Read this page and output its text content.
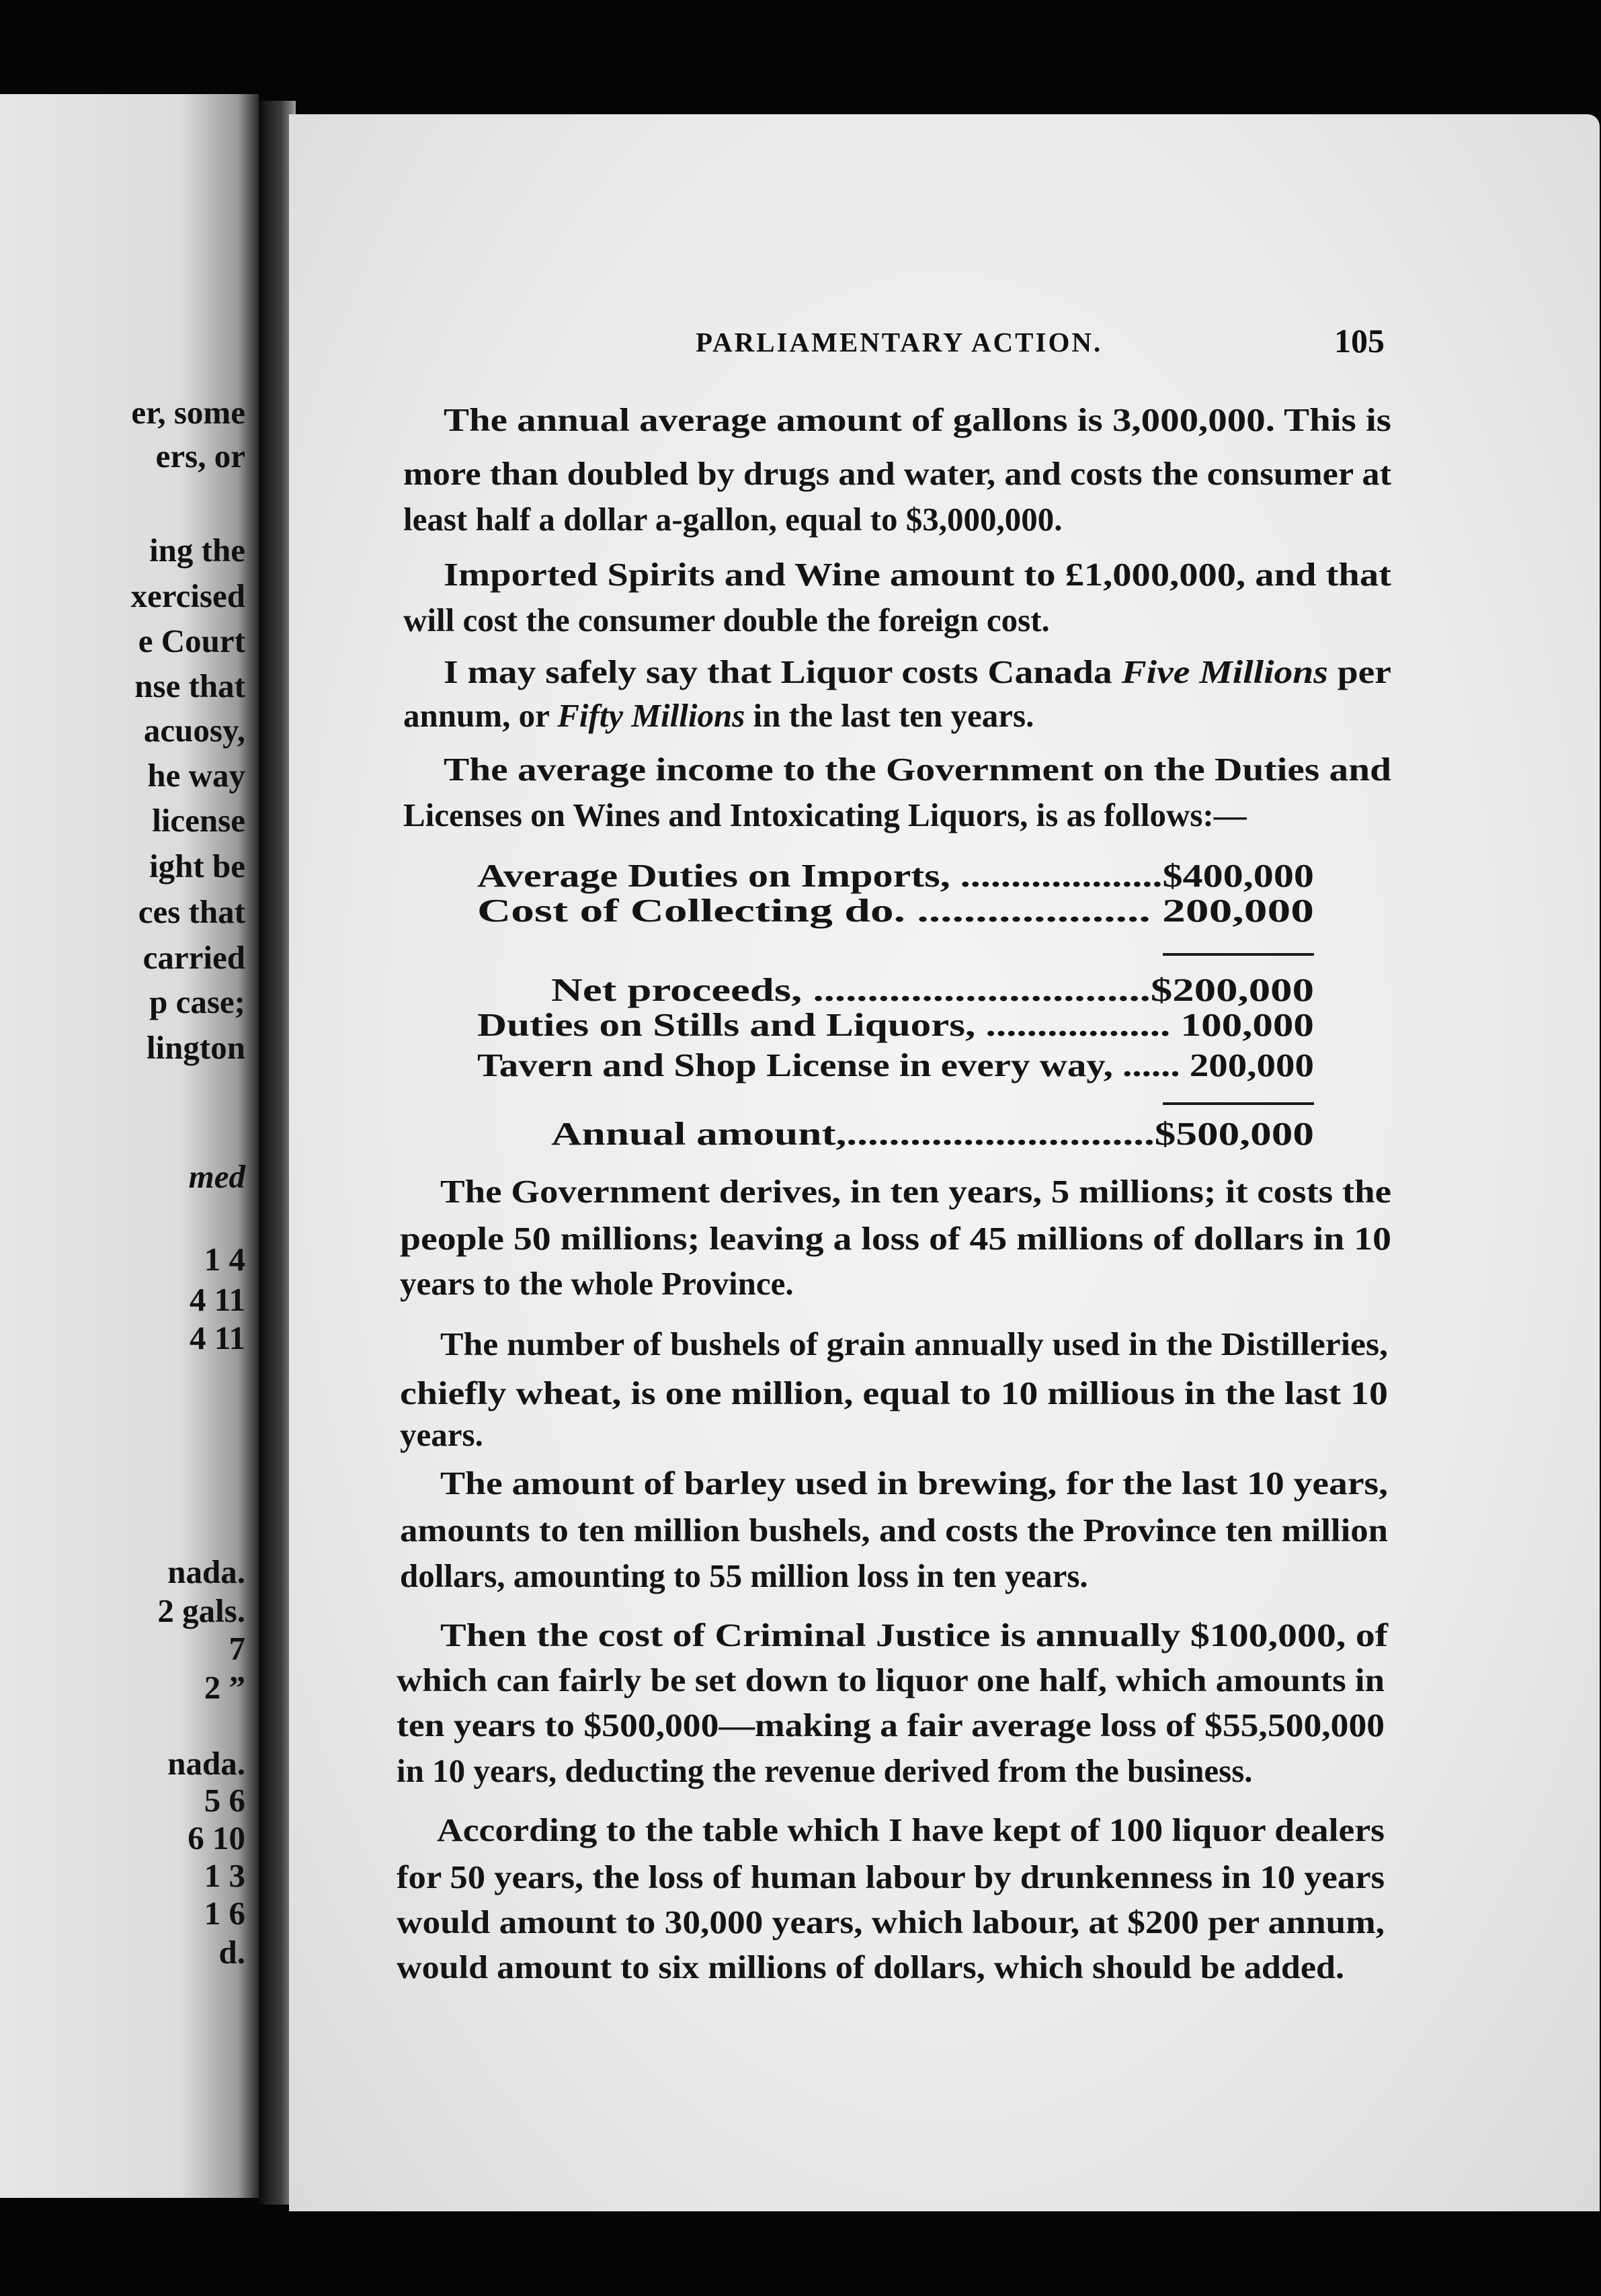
er, some
ers, or
ing the
xercised
e Court
nse that
acuosy,
he way
license
ight be
ces that
carried
p case;
lington
med
1 4
4 11
4 11
nada.
2 gals.
7
2 ”
nada.
5 6
6 10
1 3
1 6
d.
PARLIAMENTARY ACTION.	105
The annual average amount of gallons is 3,000,000. This is
more than doubled by drugs and water, and costs the consumer at
least half a dollar a-gallon, equal to $3,000,000.
Imported Spirits and Wine amount to £1,000,000, and that
will cost the consumer double the foreign cost.
I may safely say that Liquor costs Canada Five Millions per
annum, or Fifty Millions in the last ten years.
The average income to the Government on the Duties and
Licenses on Wines and Intoxicating Liquors, is as follows:—
Average Duties on Imports, ....................$400,000
Cost of Collecting do. .................... 200,000
Net proceeds, ...............................$200,000
Duties on Stills and Liquors, .................. 100,000
Tavern and Shop License in every way, ...... 200,000
Annual amount,.............................$500,000
The Government derives, in ten years, 5 millions; it costs the
people 50 millions; leaving a loss of 45 millions of dollars in 10
years to the whole Province.
The number of bushels of grain annually used in the Distilleries,
chiefly wheat, is one million, equal to 10 millious in the last 10
years.
The amount of barley used in brewing, for the last 10 years,
amounts to ten million bushels, and costs the Province ten million
dollars, amounting to 55 million loss in ten years.
Then the cost of Criminal Justice is annually $100,000, of
which can fairly be set down to liquor one half, which amounts in
ten years to $500,000—making a fair average loss of $55,500,000
in 10 years, deducting the revenue derived from the business.
According to the table which I have kept of 100 liquor dealers
for 50 years, the loss of human labour by drunkenness in 10 years
would amount to 30,000 years, which labour, at $200 per annum,
would amount to six millions of dollars, which should be added.
